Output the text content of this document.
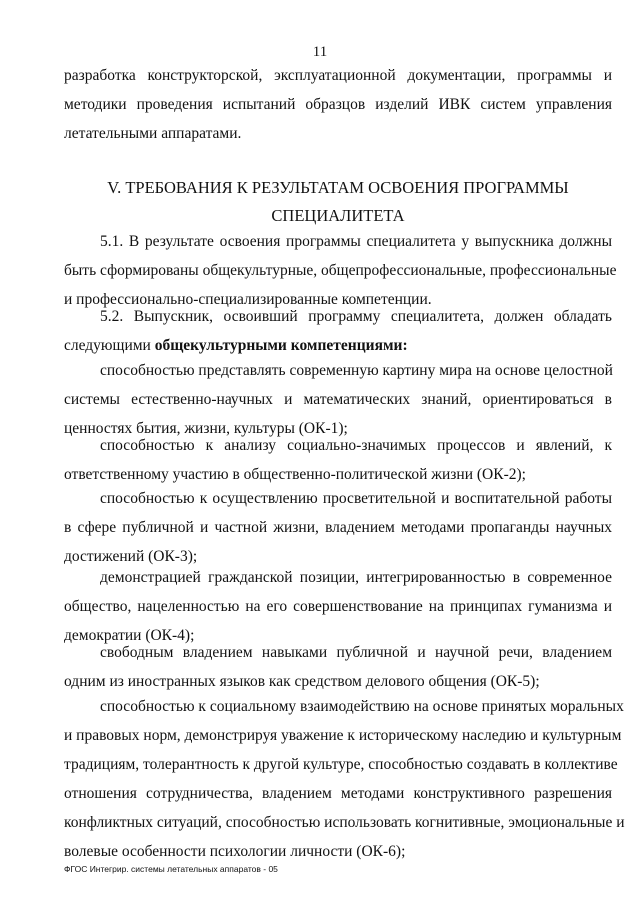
11
разработка конструкторской, эксплуатационной документации, программы и
методики проведения испытаний образцов изделий ИВК систем управления
летательными аппаратами.
V. ТРЕБОВАНИЯ К РЕЗУЛЬТАТАМ ОСВОЕНИЯ ПРОГРАММЫ
СПЕЦИАЛИТЕТА
5.1. В результате освоения программы специалитета у выпускника должны
быть сформированы общекультурные, общепрофессиональные, профессиональные
и профессионально-специализированные компетенции.
5.2. Выпускник, освоивший программу специалитета, должен обладать
следующими общекультурными компетенциями:
способностью представлять современную картину мира на основе целостной
системы естественно-научных и математических знаний, ориентироваться в
ценностях бытия, жизни, культуры (ОК-1);
способностью к анализу социально-значимых процессов и явлений, к
ответственному участию в общественно-политической жизни (ОК-2);
способностью к осуществлению просветительной и воспитательной работы
в сфере публичной и частной жизни, владением методами пропаганды научных
достижений (ОК-3);
демонстрацией гражданской позиции, интегрированностью в современное
общество, нацеленностью на его совершенствование на принципах гуманизма и
демократии (ОК-4);
свободным владением навыками публичной и научной речи, владением
одним из иностранных языков как средством делового общения (ОК-5);
способностью к социальному взаимодействию на основе принятых моральных
и правовых норм, демонстрируя уважение к историческому наследию и культурным
традициям, толерантность к другой культуре, способностью создавать в коллективе
отношения сотрудничества, владением методами конструктивного разрешения
конфликтных ситуаций, способностью использовать когнитивные, эмоциональные и
волевые особенности психологии личности (ОК-6);
ФГОС Интегрир. системы летательных аппаратов - 05
